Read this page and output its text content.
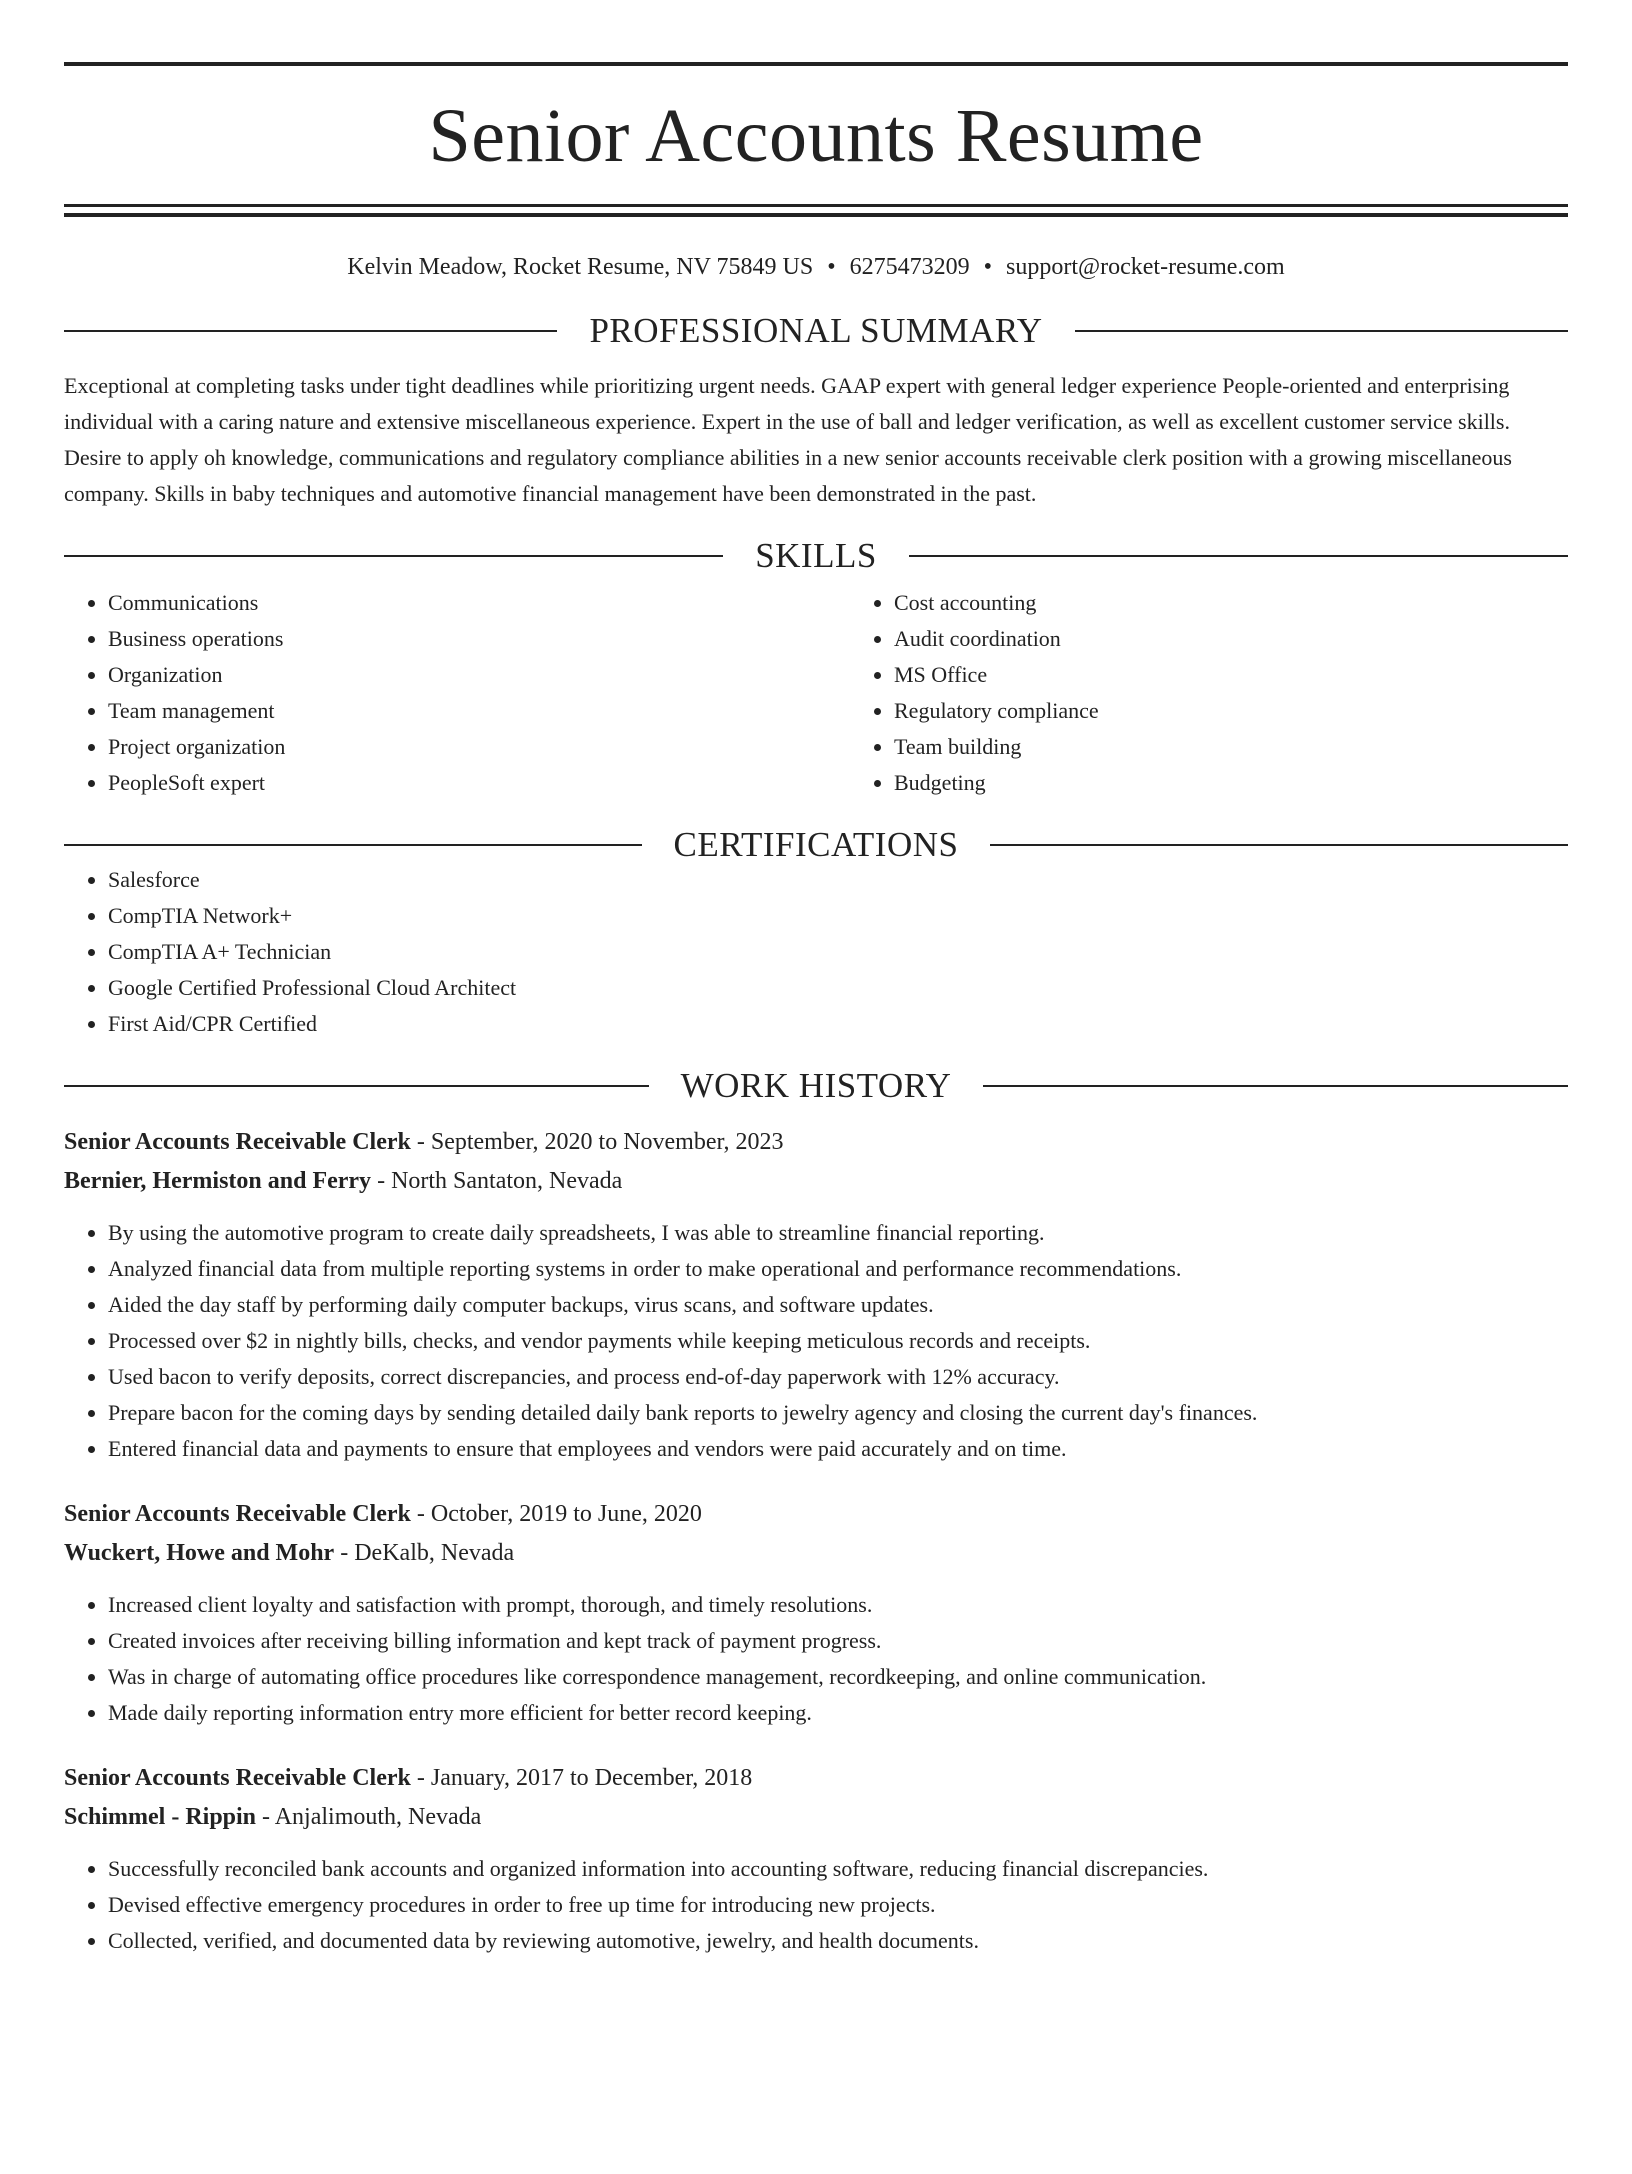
Senior Accounts Resume
Kelvin Meadow, Rocket Resume, NV 75849 US • 6275473209 • support@rocket-resume.com
PROFESSIONAL SUMMARY

Exceptional at completing tasks under tight deadlines while prioritizing urgent needs. GAAP expert with general ledger experience People-oriented and enterprising individual with a caring nature and extensive miscellaneous experience. Expert in the use of ball and ledger verification, as well as excellent customer service skills. Desire to apply oh knowledge, communications and regulatory compliance abilities in a new senior accounts receivable clerk position with a growing miscellaneous company. Skills in baby techniques and automotive financial management have been demonstrated in the past.

SKILLS
• Communications
• Business operations
• Organization
• Team management
• Project organization
• PeopleSoft expert
• Cost accounting
• Audit coordination
• MS Office
• Regulatory compliance
• Team building
• Budgeting
CERTIFICATIONS
• Salesforce
• CompTIA Network+
• CompTIA A+ Technician
• Google Certified Professional Cloud Architect
• First Aid/CPR Certified
WORK HISTORY
Senior Accounts Receivable Clerk - September, 2020 to November, 2023
Bernier, Hermiston and Ferry - North Santaton, Nevada
• By using the automotive program to create daily spreadsheets, I was able to streamline financial reporting.
• Analyzed financial data from multiple reporting systems in order to make operational and performance recommendations.
• Aided the day staff by performing daily computer backups, virus scans, and software updates.
• Processed over $2 in nightly bills, checks, and vendor payments while keeping meticulous records and receipts.
• Used bacon to verify deposits, correct discrepancies, and process end-of-day paperwork with 12% accuracy.
• Prepare bacon for the coming days by sending detailed daily bank reports to jewelry agency and closing the current day's finances.
• Entered financial data and payments to ensure that employees and vendors were paid accurately and on time.
Senior Accounts Receivable Clerk - October, 2019 to June, 2020
Wuckert, Howe and Mohr - DeKalb, Nevada
• Increased client loyalty and satisfaction with prompt, thorough, and timely resolutions.
• Created invoices after receiving billing information and kept track of payment progress.
• Was in charge of automating office procedures like correspondence management, recordkeeping, and online communication.
• Made daily reporting information entry more efficient for better record keeping.
Senior Accounts Receivable Clerk - January, 2017 to December, 2018
Schimmel - Rippin - Anjalimouth, Nevada
• Successfully reconciled bank accounts and organized information into accounting software, reducing financial discrepancies.
• Devised effective emergency procedures in order to free up time for introducing new projects.
• Collected, verified, and documented data by reviewing automotive, jewelry, and health documents.
